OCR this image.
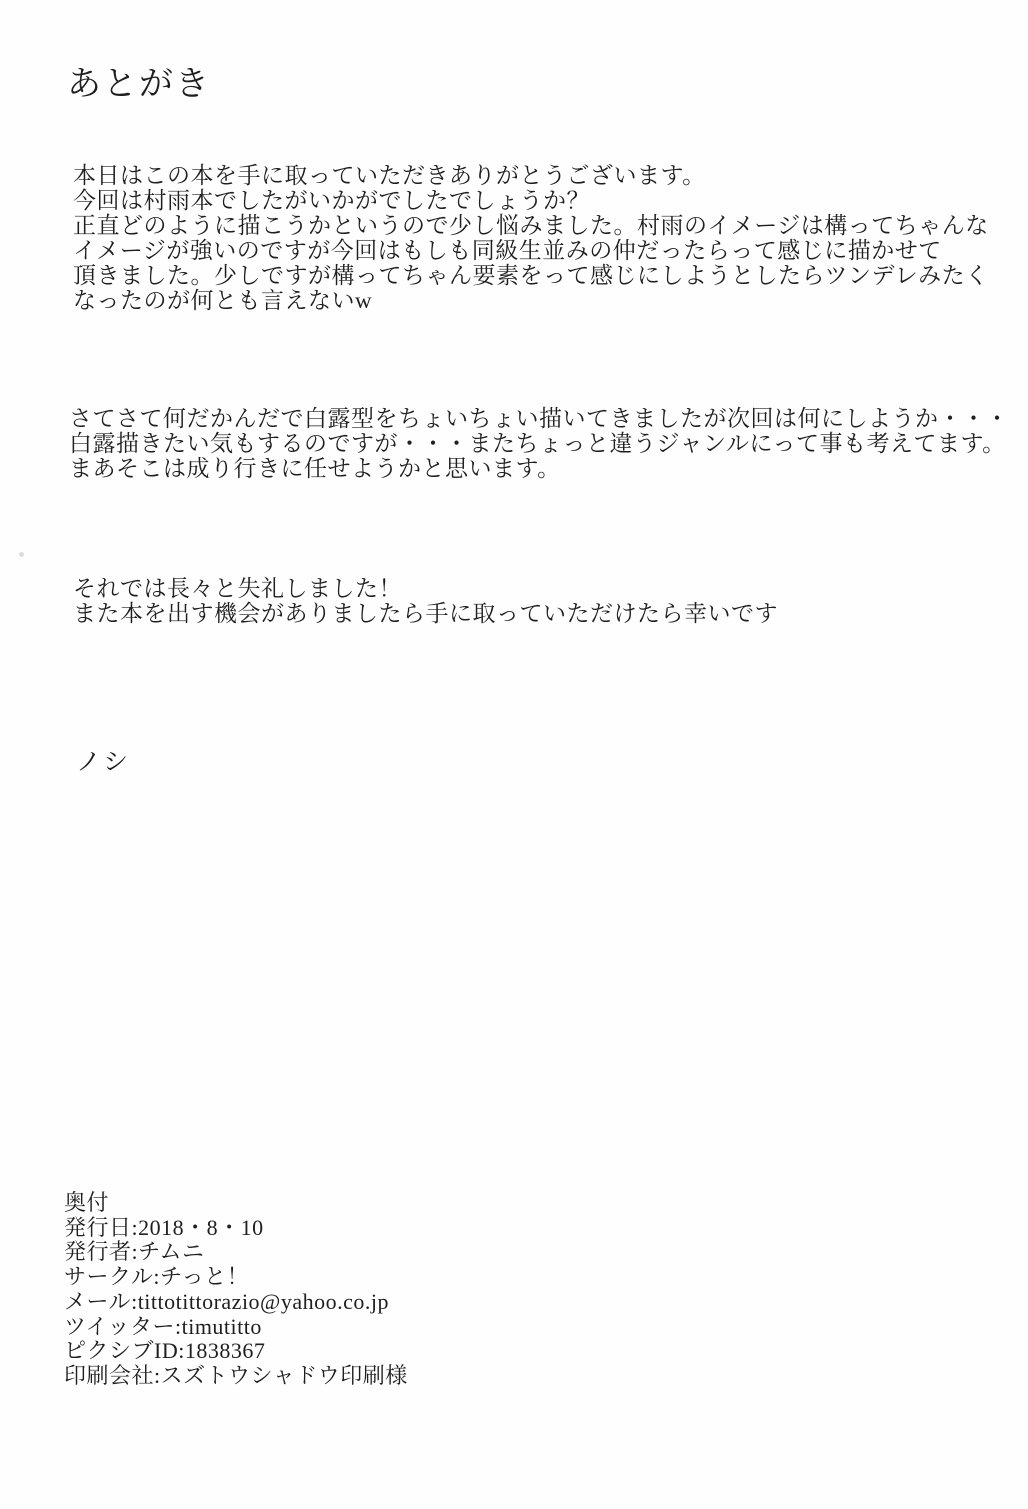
あとがき
本日はこの本を手に取っていただきありがとうございます。
今回は村雨本でしたがいかがでしたでしょうか？
正直どのように描こうかというので少し悩みました。村雨のイメージは構ってちゃんな
イメージが強いのですが今回はもしも同級生並みの仲だったらって感じに描かせて
頂きました。少しですが構ってちゃん要素をって感じにしようとしたらツンデレみたく
なったのが何とも言えないw
さてさて何だかんだで白露型をちょいちょい描いてきましたが次回は何にしようか・・・
白露描きたい気もするのですが・・・またちょっと違うジャンルにって事も考えてます。
まあそこは成り行きに任せようかと思います。
それでは長々と失礼しました！
また本を出す機会がありましたら手に取っていただけたら幸いです
ノシ
奥付
発行日:2018・8・10
発行者:チムニ
サークル:チっと！
メール:tittotittorazio@yahoo.co.jp
ツイッター:timutitto
ピクシブID:1838367
印刷会社:スズトウシャドウ印刷様
